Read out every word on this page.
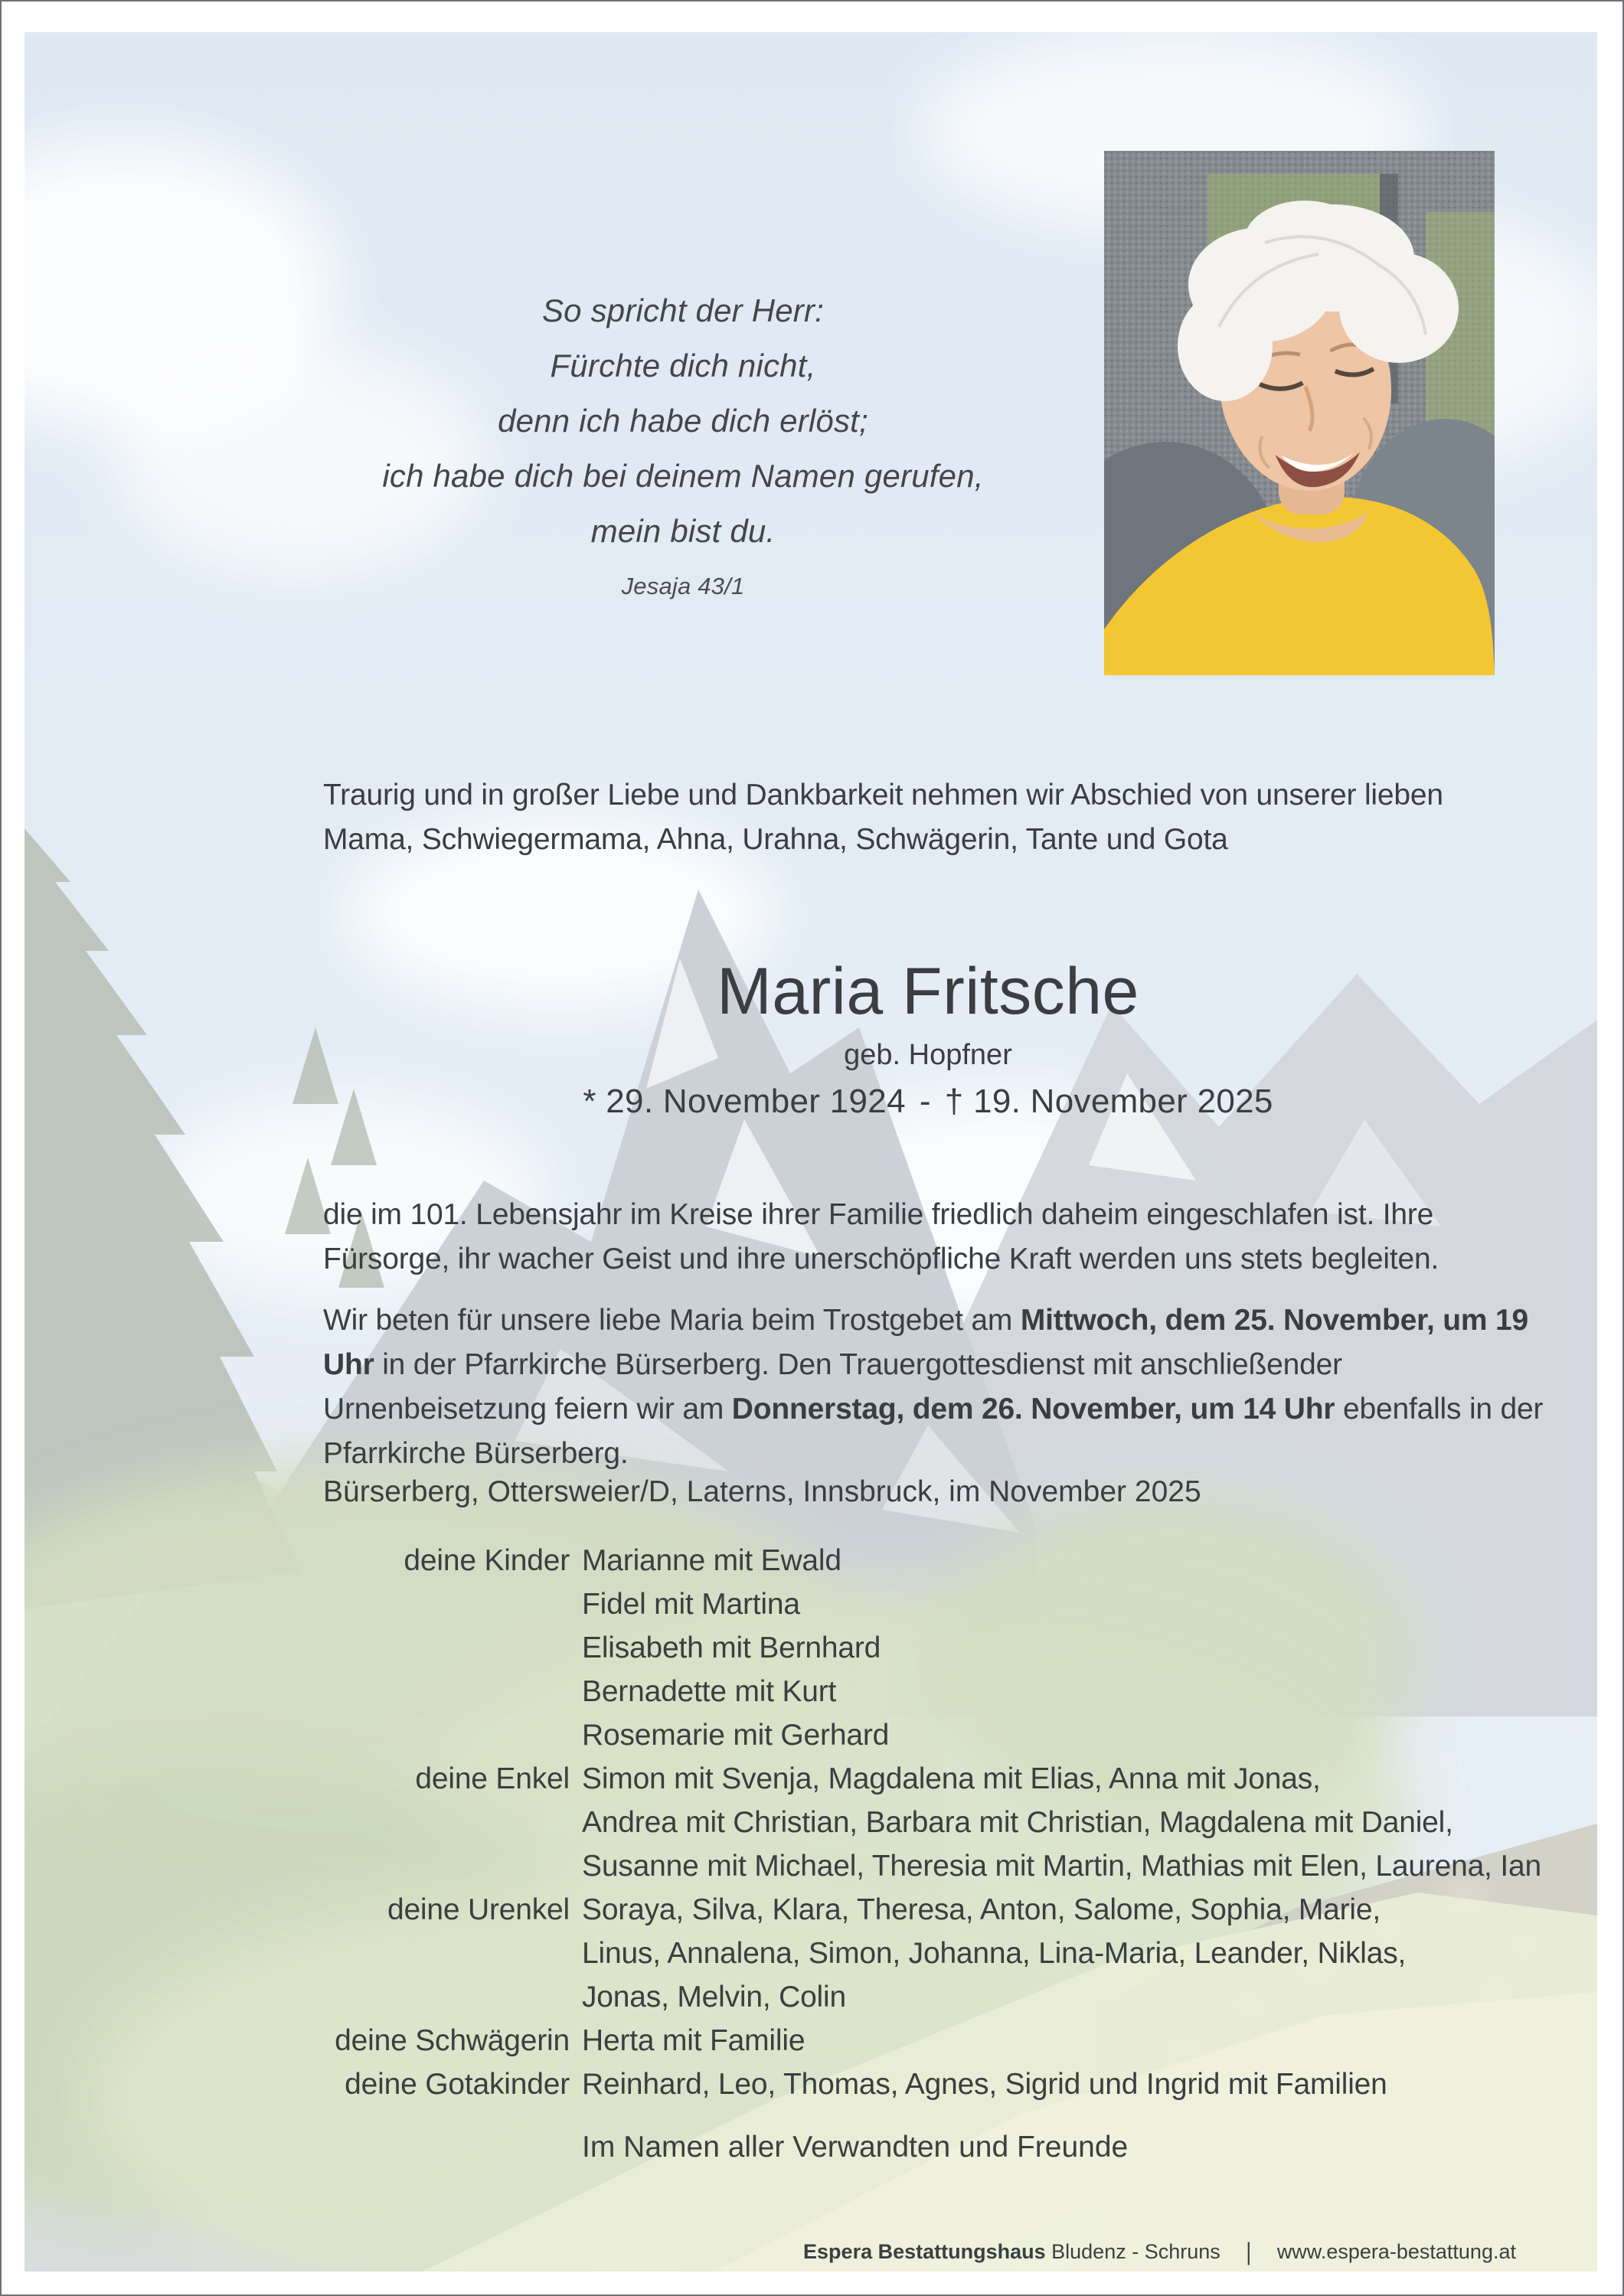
So spricht der Herr:
Fürchte dich nicht,
denn ich habe dich erlöst;
ich habe dich bei deinem Namen gerufen,
mein bist du.
Jesaja 43/1
Traurig und in großer Liebe und Dankbarkeit nehmen wir Abschied von unserer lieben Mama, Schwiegermama, Ahna, Urahna, Schwägerin, Tante und Gota
Maria Fritsche
geb. Hopfner
* 29. November 1924 - † 19. November 2025
die im 101. Lebensjahr im Kreise ihrer Familie friedlich daheim eingeschlafen ist. Ihre Fürsorge, ihr wacher Geist und ihre unerschöpfliche Kraft werden uns stets begleiten.
Wir beten für unsere liebe Maria beim Trostgebet am Mittwoch, dem 25. November, um 19 Uhr in der Pfarrkirche Bürserberg. Den Trauergottesdienst mit anschließender Urnenbeisetzung feiern wir am Donnerstag, dem 26. November, um 14 Uhr ebenfalls in der Pfarrkirche Bürserberg.
Bürserberg, Ottersweier/D, Laterns, Innsbruck, im November 2025
deine Kinder Marianne mit Ewald
Fidel mit Martina
Elisabeth mit Bernhard
Bernadette mit Kurt
Rosemarie mit Gerhard
deine Enkel Simon mit Svenja, Magdalena mit Elias, Anna mit Jonas,
Andrea mit Christian, Barbara mit Christian, Magdalena mit Daniel,
Susanne mit Michael, Theresia mit Martin, Mathias mit Elen, Laurena, Ian
deine Urenkel Soraya, Silva, Klara, Theresa, Anton, Salome, Sophia, Marie,
Linus, Annalena, Simon, Johanna, Lina-Maria, Leander, Niklas,
Jonas, Melvin, Colin
deine Schwägerin Herta mit Familie
deine Gotakinder Reinhard, Leo, Thomas, Agnes, Sigrid und Ingrid mit Familien
Im Namen aller Verwandten und Freunde
Espera Bestattungshaus Bludenz - Schruns | www.espera-bestattung.at
